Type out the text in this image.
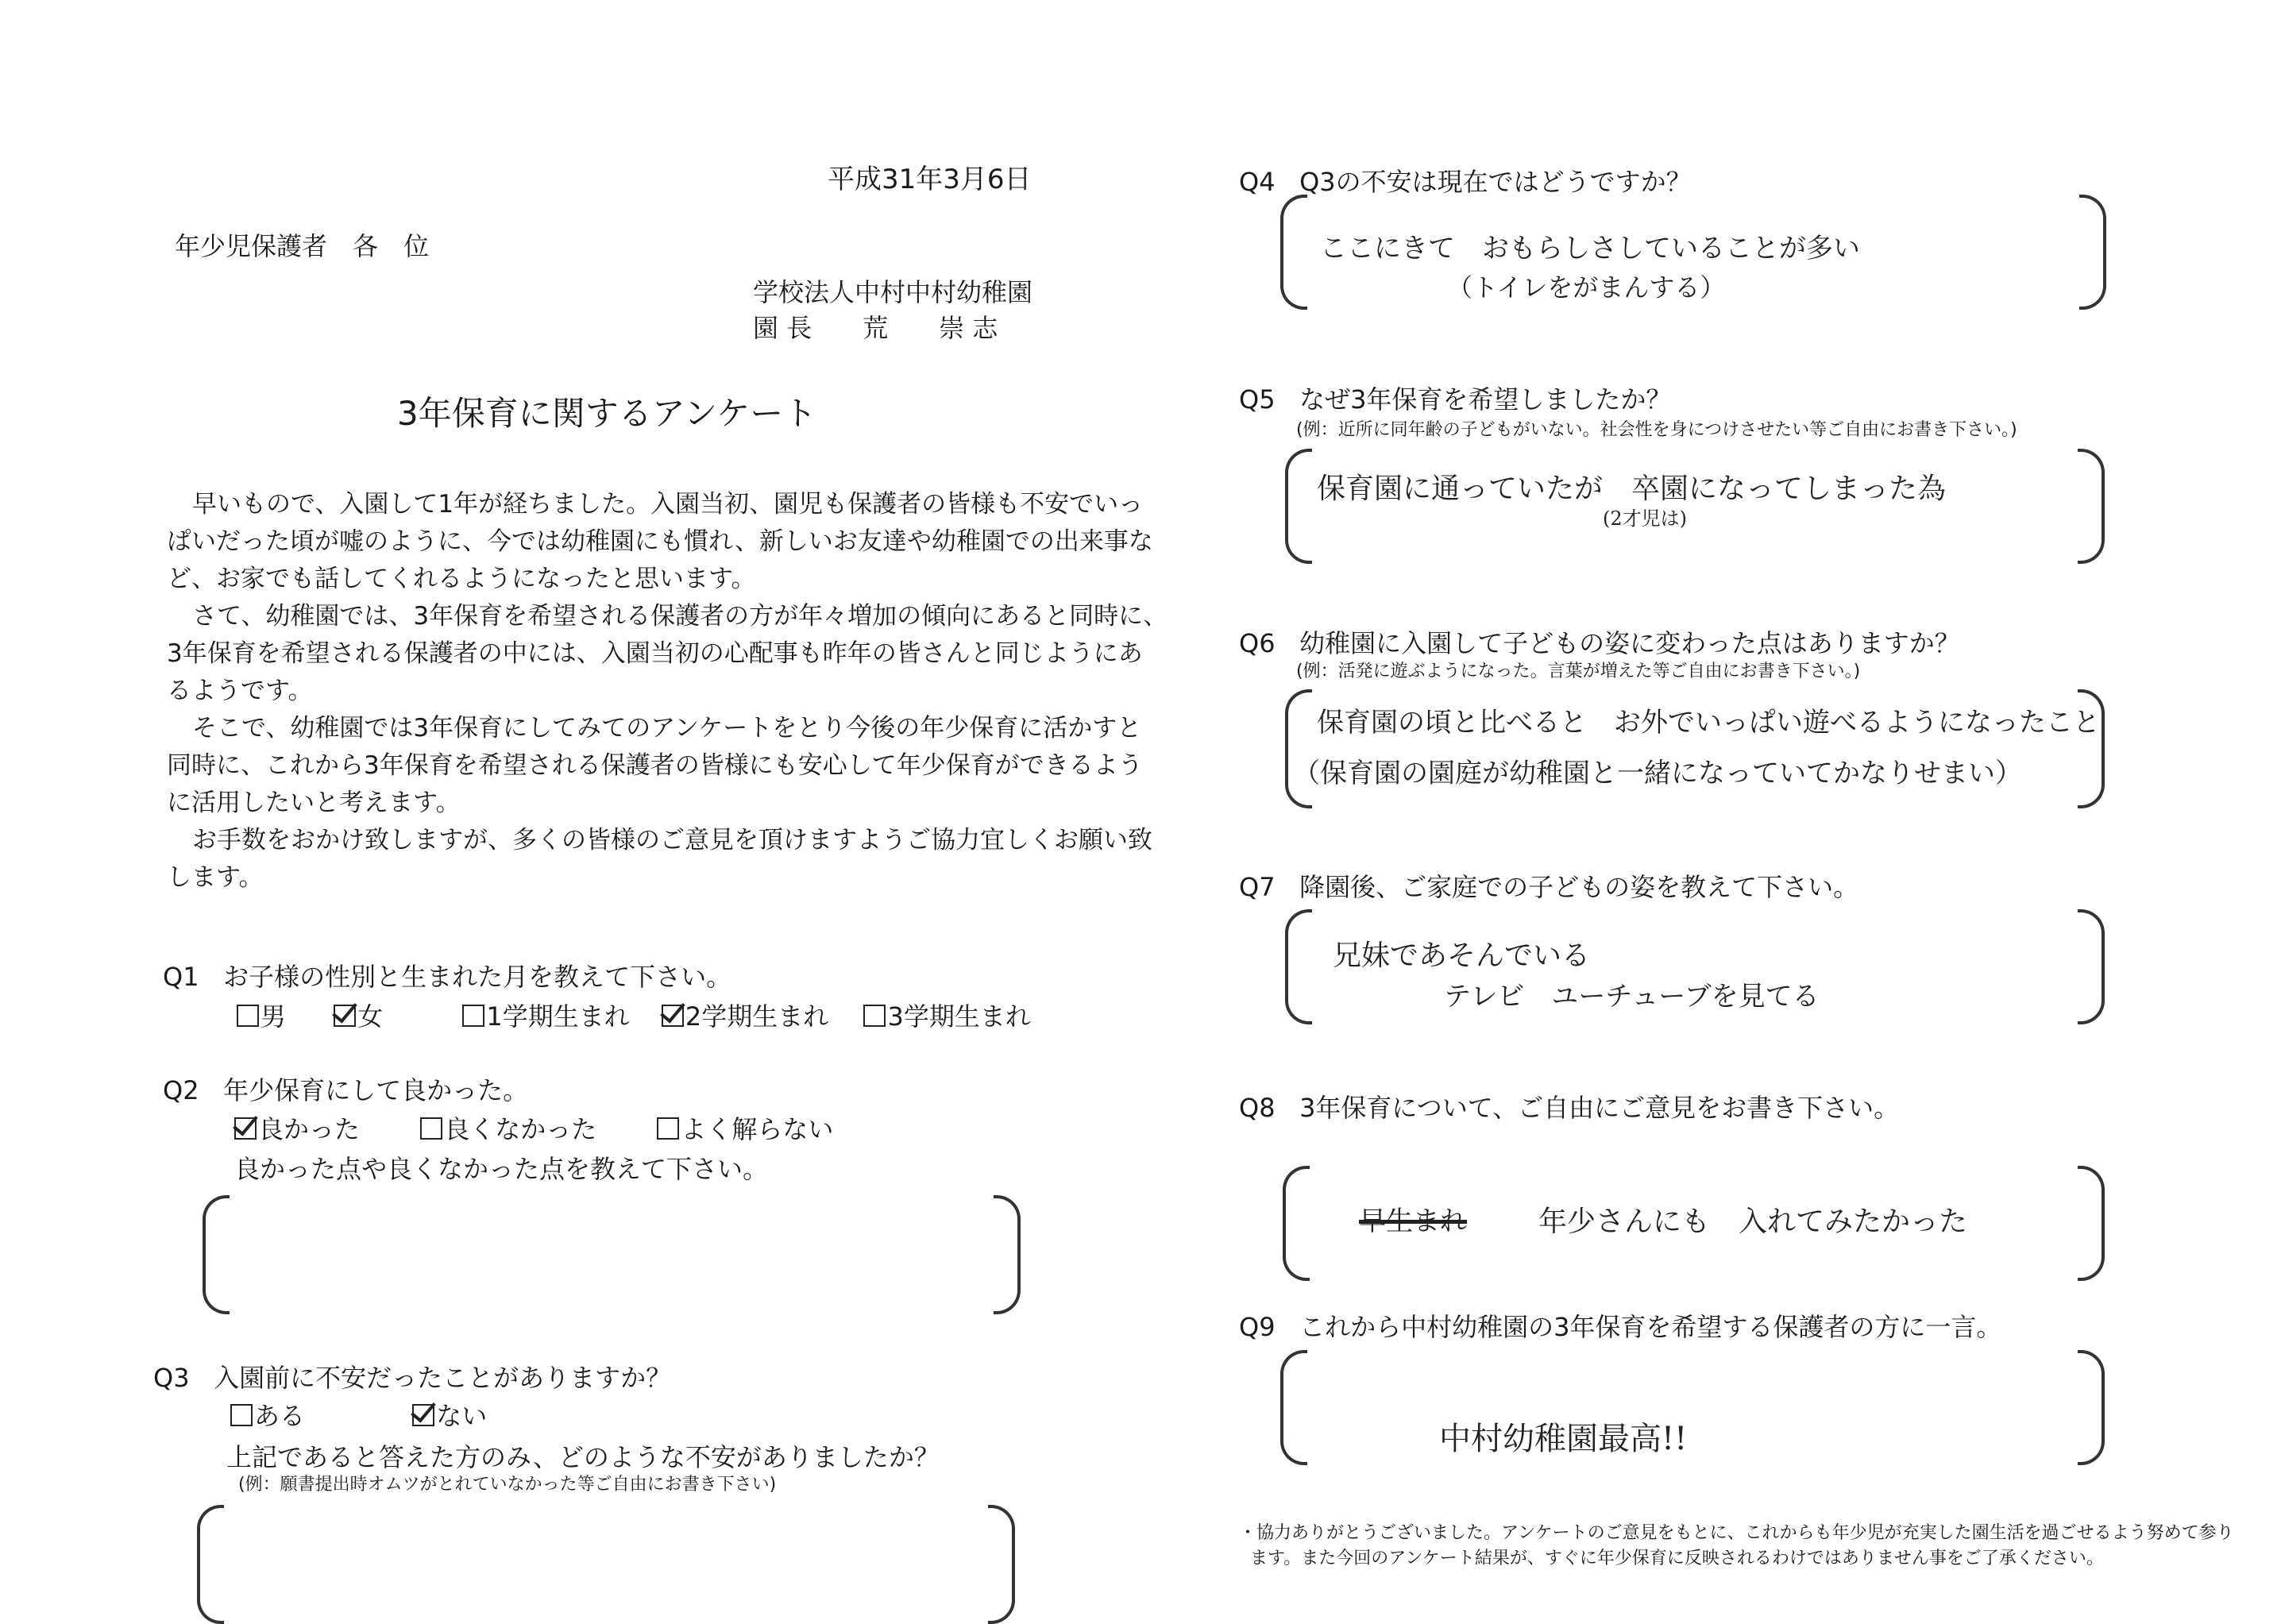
平成31年3月6日
年少児保護者　各　位
学校法人中村中村幼稚園
園 長　　荒　　崇 志
3年保育に関するアンケート
早いもので、入園して1年が経ちました。入園当初、園児も保護者の皆様も不安でいっ
ぱいだった頃が嘘のように、今では幼稚園にも慣れ、新しいお友達や幼稚園での出来事な
ど、お家でも話してくれるようになったと思います。
さて、幼稚園では、3年保育を希望される保護者の方が年々増加の傾向にあると同時に、
3年保育を希望される保護者の中には、入園当初の心配事も昨年の皆さんと同じようにあ
るようです。
そこで、幼稚園では3年保育にしてみてのアンケートをとり今後の年少保育に活かすと
同時に、これから3年保育を希望される保護者の皆様にも安心して年少保育ができるよう
に活用したいと考えます。
お手数をおかけ致しますが、多くの皆様のご意見を頂けますようご協力宜しくお願い致
します。
Q1 お子様の性別と生まれた月を教えて下さい。
男	女	1学期生まれ 2学期生まれ 3学期生まれ
Q2 年少保育にして良かった。
良かった	良くなかった	よく解らない
良かった点や良くなかった点を教えて下さい。
Q3 入園前に不安だったことがありますか？
ある	ない
上記であると答えた方のみ、どのような不安がありましたか？
(例：願書提出時オムツがとれていなかった等ご自由にお書き下さい)
Q4 Q3の不安は現在ではどうですか？
ここにきて　おもらしさしていることが多い
（トイレをがまんする）
Q5 なぜ3年保育を希望しましたか？
(例：近所に同年齢の子どもがいない。社会性を身につけさせたい等ご自由にお書き下さい。)
保育園に通っていたが　卒園になってしまった為
(2才児は)
Q6 幼稚園に入園して子どもの姿に変わった点はありますか？
(例：活発に遊ぶようになった。言葉が増えた等ご自由にお書き下さい。)
保育園の頃と比べると　お外でいっぱい遊べるようになったこと
（保育園の園庭が幼稚園と一緒になっていてかなりせまい）
Q7 降園後、ご家庭での子どもの姿を教えて下さい。
兄妹であそんでいる
テレビ　ユーチューブを見てる
Q8 3年保育について、ご自由にご意見をお書き下さい。
早生まれ	年少さんにも　入れてみたかった
Q9 これから中村幼稚園の3年保育を希望する保護者の方に一言。
中村幼稚園最高!!
・協力ありがとうございました。アンケートのご意見をもとに、これからも年少児が充実した園生活を過ごせるよう努めて参り
ます。また今回のアンケート結果が、すぐに年少保育に反映されるわけではありません事をご了承ください。
